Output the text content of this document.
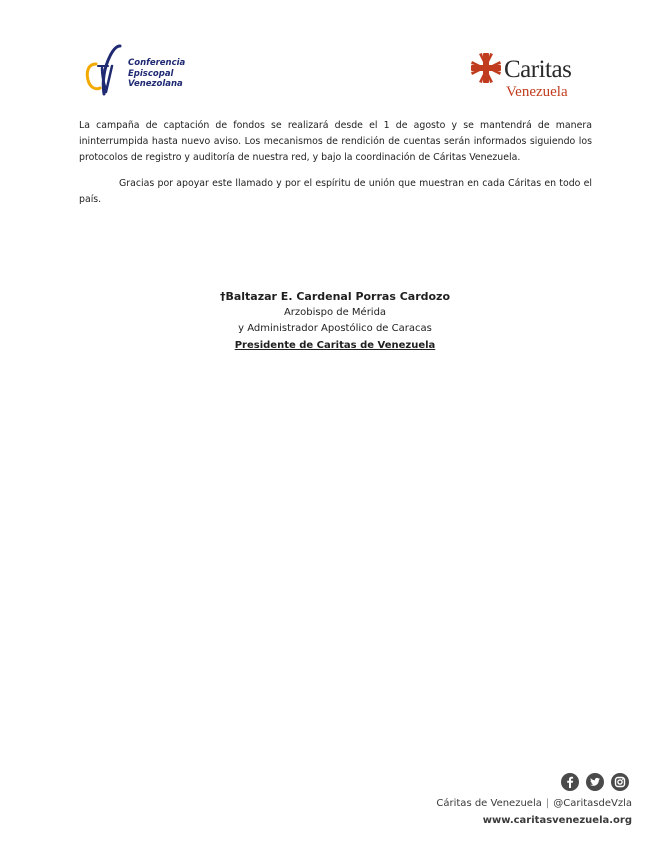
Conferencia
Episcopal
Venezolana
Caritas
Venezuela

La campaña de captación de fondos se realizará desde el 1 de agosto y se mantendrá de manera ininterrumpida hasta nuevo aviso. Los mecanismos de rendición de cuentas serán informados siguiendo los protocolos de registro y auditoría de nuestra red, y bajo la coordinación de Cáritas Venezuela.

Gracias por apoyar este llamado y por el espíritu de unión que muestran en cada Cáritas en todo el país.

†Baltazar E. Cardenal Porras Cardozo
Arzobispo de Mérida
y Administrador Apostólico de Caracas
Presidente de Caritas de Venezuela
Cáritas de Venezuela | @CaritasdeVzla
www.caritasvenezuela.org
